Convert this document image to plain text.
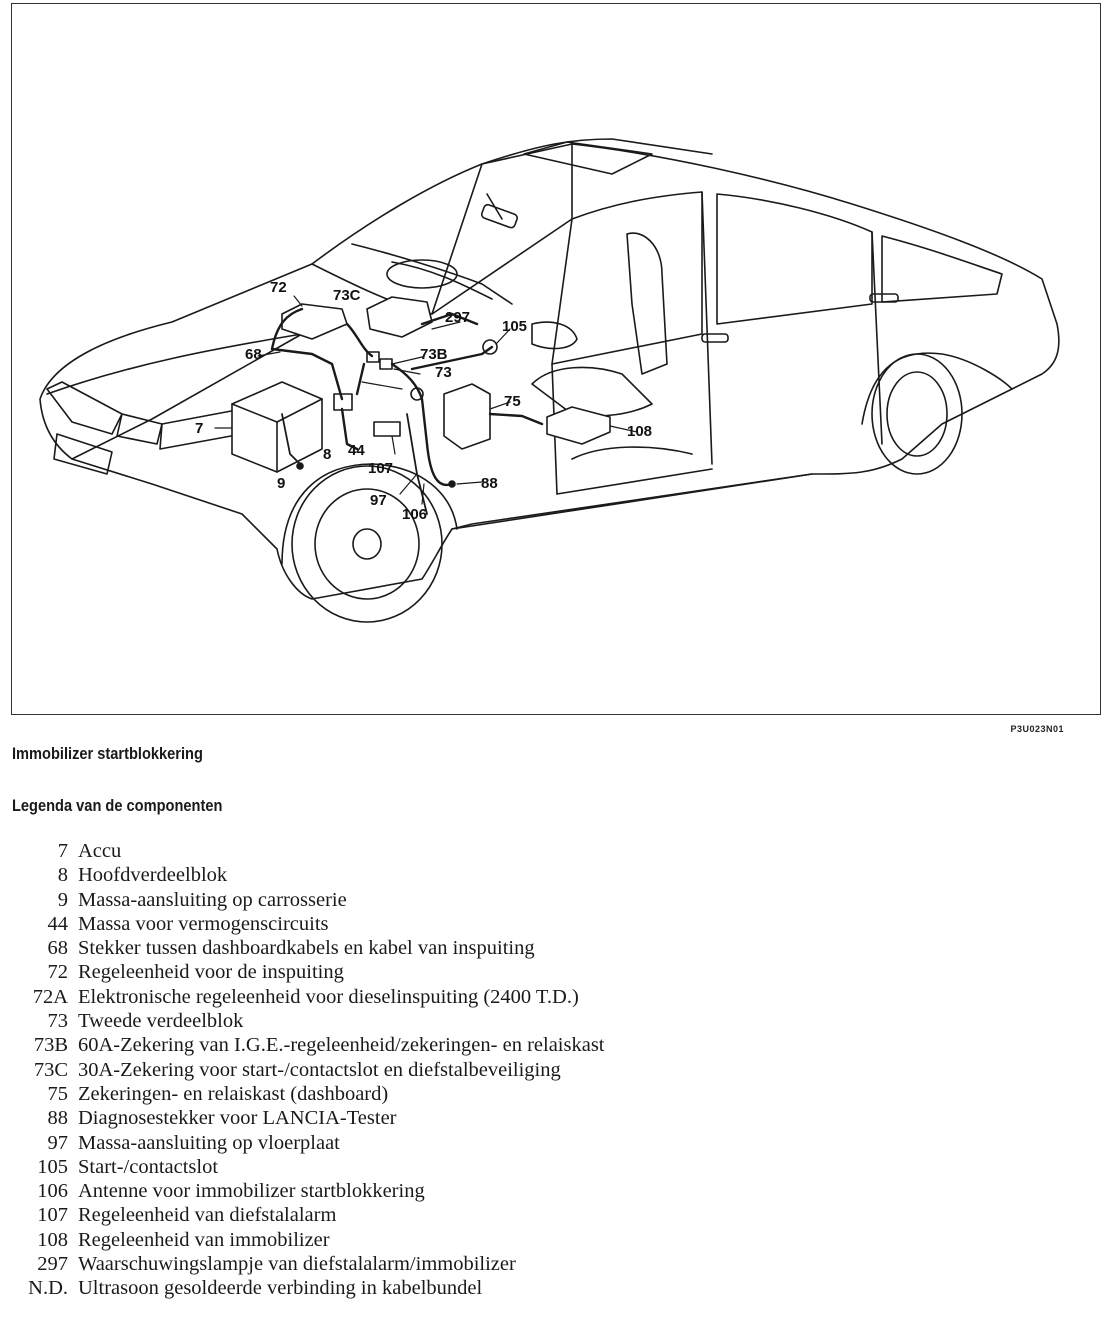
72	73C
297
105
68	73B
73
75
7
44
8
107
108
9
97
88
106
P3U023N01
Immobilizer startblokkering
Legenda van de componenten
7 Accu
8 Hoofdverdeelblok
9 Massa-aansluiting op carrosserie
44 Massa voor vermogenscircuits
68 Stekker tussen dashboardkabels en kabel van inspuiting
72 Regeleenheid voor de inspuiting
72A Elektronische regeleenheid voor dieselinspuiting (2400 T.D.)
73 Tweede verdeelblok
73B 60A-Zekering van I.G.E.-regeleenheid/zekeringen- en relaiskast
73C 30A-Zekering voor start-/contactslot en diefstalbeveiliging
75 Zekeringen- en relaiskast (dashboard)
88 Diagnosestekker voor LANCIA-Tester
97 Massa-aansluiting op vloerplaat
105 Start-/contactslot
106 Antenne voor immobilizer startblokkering
107 Regeleenheid van diefstalalarm
108 Regeleenheid van immobilizer
297 Waarschuwingslampje van diefstalalarm/immobilizer
N.D. Ultrasoon gesoldeerde verbinding in kabelbundel
